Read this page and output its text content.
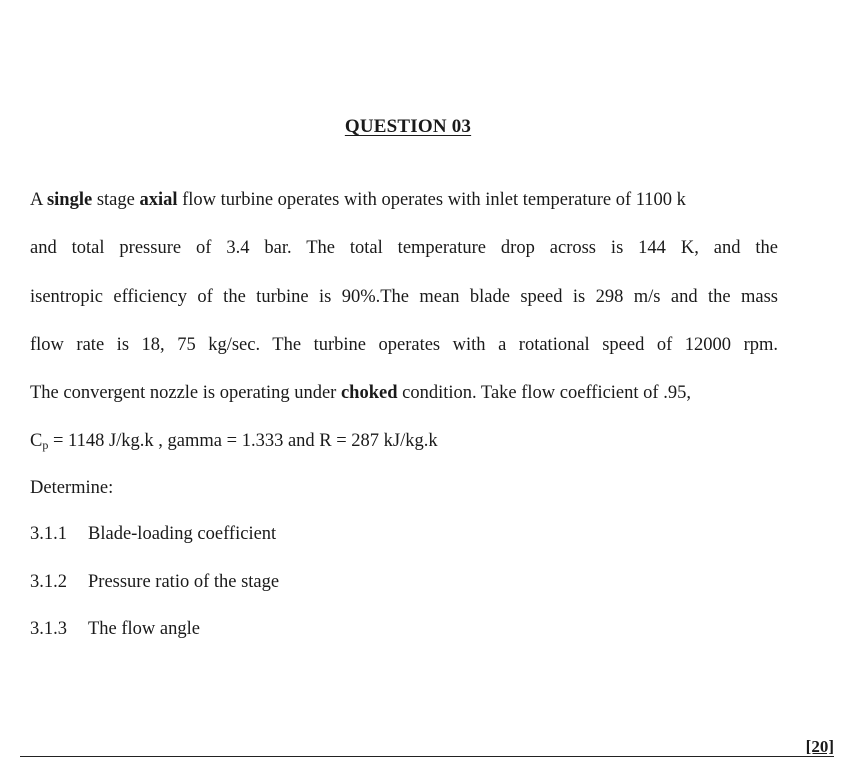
QUESTION 03
A single stage axial flow turbine operates with operates with inlet temperature of 1100 k
and total pressure of 3.4 bar. The total temperature drop across is 144 K, and the
isentropic efficiency of the turbine is 90%.The mean blade speed is 298 m/s and the mass
flow rate is 18, 75 kg/sec. The turbine operates with a rotational speed of 12000 rpm.
The convergent nozzle is operating under choked condition. Take flow coefficient of .95,
$C_p = 1148$ J/kg.k , gamma = 1.333 and R = 287 kJ/kg.k
Determine:
3.1.1 Blade-loading coefficient
3.1.2 Pressure ratio of the stage
3.1.3 The flow angle
[20]
